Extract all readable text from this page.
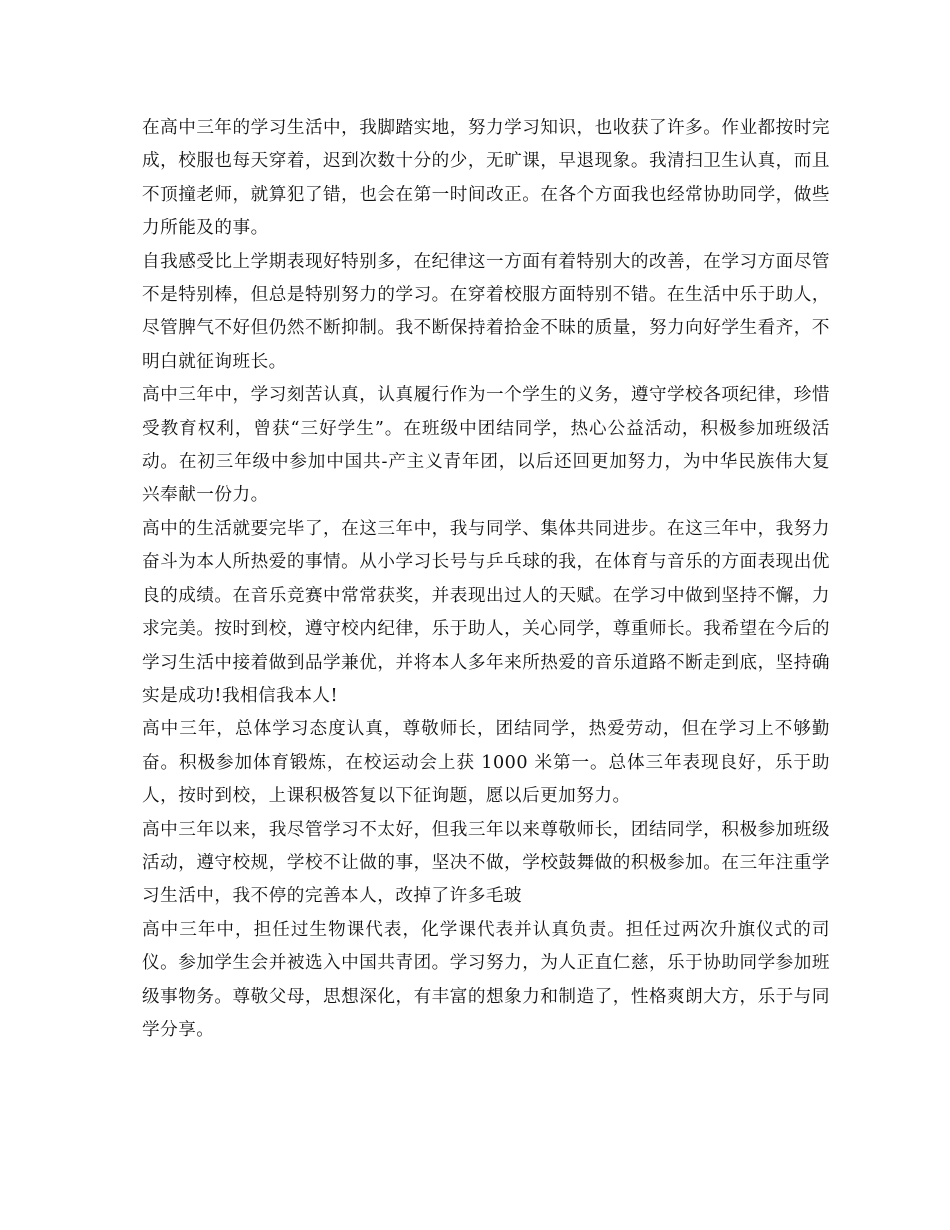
在高中三年的学习生活中，我脚踏实地，努力学习知识，也收获了许多。作业都按时完成，校服也每天穿着，迟到次数十分的少，无旷课，早退现象。我清扫卫生认真，而且不顶撞老师，就算犯了错，也会在第一时间改正。在各个方面我也经常协助同学，做些力所能及的事。

自我感受比上学期表现好特别多，在纪律这一方面有着特别大的改善，在学习方面尽管不是特别棒，但总是特别努力的学习。在穿着校服方面特别不错。在生活中乐于助人，尽管脾气不好但仍然不断抑制。我不断保持着拾金不昧的质量，努力向好学生看齐，不明白就征询班长。

高中三年中，学习刻苦认真，认真履行作为一个学生的义务，遵守学校各项纪律，珍惜受教育权利，曾获“三好学生”。在班级中团结同学，热心公益活动，积极参加班级活动。在初三年级中参加中国共-产主义青年团，以后还回更加努力，为中华民族伟大复兴奉献一份力。

高中的生活就要完毕了，在这三年中，我与同学、集体共同进步。在这三年中，我努力奋斗为本人所热爱的事情。从小学习长号与乒乓球的我，在体育与音乐的方面表现出优良的成绩。在音乐竞赛中常常获奖，并表现出过人的天赋。在学习中做到坚持不懈，力求完美。按时到校，遵守校内纪律，乐于助人，关心同学，尊重师长。我希望在今后的学习生活中接着做到品学兼优，并将本人多年来所热爱的音乐道路不断走到底，坚持确实是成功!我相信我本人!

高中三年，总体学习态度认真，尊敬师长，团结同学，热爱劳动，但在学习上不够勤奋。积极参加体育锻炼，在校运动会上获 1000 米第一。总体三年表现良好，乐于助人，按时到校，上课积极答复以下征询题，愿以后更加努力。

高中三年以来，我尽管学习不太好，但我三年以来尊敬师长，团结同学，积极参加班级活动，遵守校规，学校不让做的事，坚决不做，学校鼓舞做的积极参加。在三年注重学习生活中，我不停的完善本人，改掉了许多毛玻

高中三年中，担任过生物课代表，化学课代表并认真负责。担任过两次升旗仪式的司仪。参加学生会并被选入中国共青团。学习努力，为人正直仁慈，乐于协助同学参加班级事物务。尊敬父母，思想深化，有丰富的想象力和制造了，性格爽朗大方，乐于与同学分享。
